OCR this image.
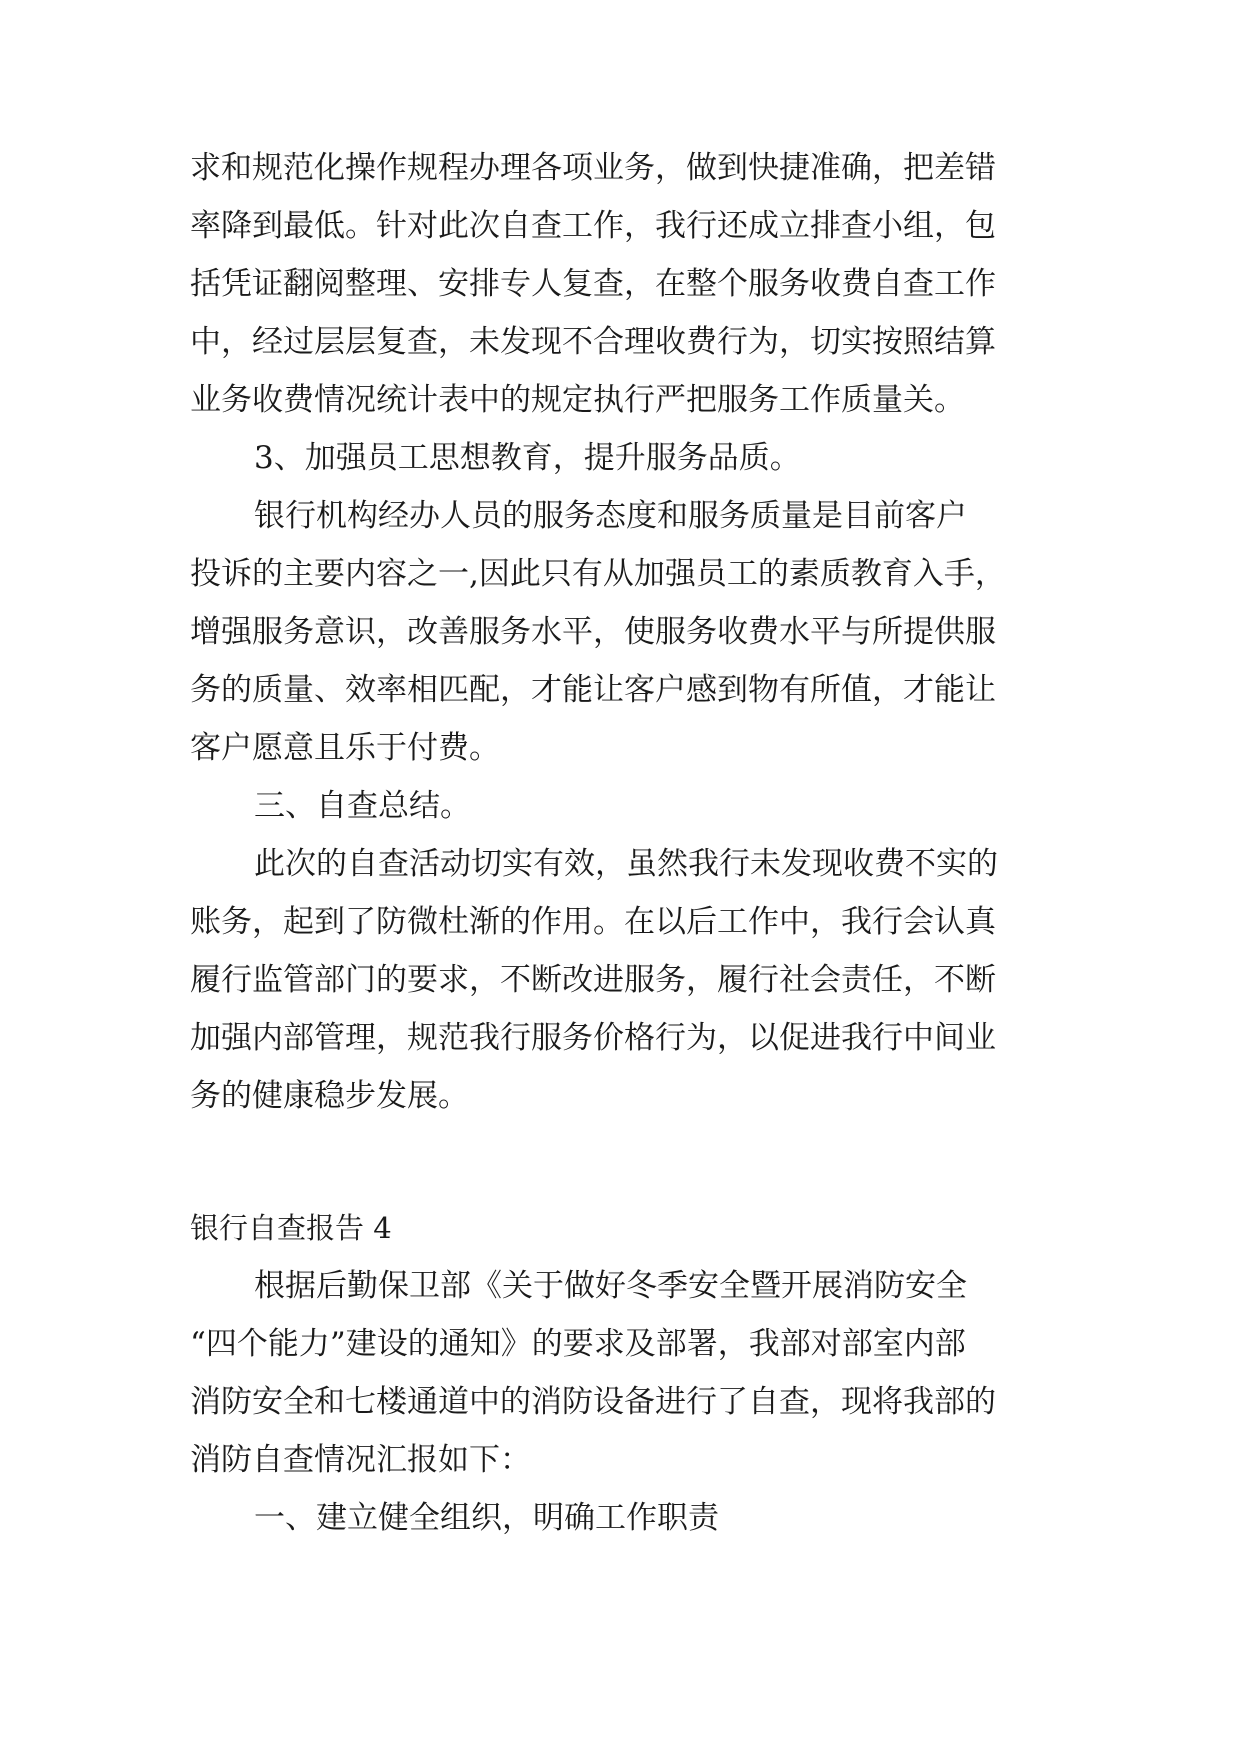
求和规范化操作规程办理各项业务，做到快捷准确，把差错
率降到最低。针对此次自查工作，我行还成立排查小组，包
括凭证翻阅整理、安排专人复查，在整个服务收费自查工作
中，经过层层复查，未发现不合理收费行为，切实按照结算
业务收费情况统计表中的规定执行严把服务工作质量关。
3、加强员工思想教育，提升服务品质。
银行机构经办人员的服务态度和服务质量是目前客户
投诉的主要内容之一,因此只有从加强员工的素质教育入手，
增强服务意识，改善服务水平，使服务收费水平与所提供服
务的质量、效率相匹配，才能让客户感到物有所值，才能让
客户愿意且乐于付费。
三、自查总结。
此次的自查活动切实有效，虽然我行未发现收费不实的
账务，起到了防微杜渐的作用。在以后工作中，我行会认真
履行监管部门的要求，不断改进服务，履行社会责任，不断
加强内部管理，规范我行服务价格行为，以促进我行中间业
务的健康稳步发展。
银行自查报告 4
根据后勤保卫部《关于做好冬季安全暨开展消防安全
“四个能力”建设的通知》的要求及部署，我部对部室内部
消防安全和七楼通道中的消防设备进行了自查，现将我部的
消防自查情况汇报如下：
一、建立健全组织，明确工作职责
